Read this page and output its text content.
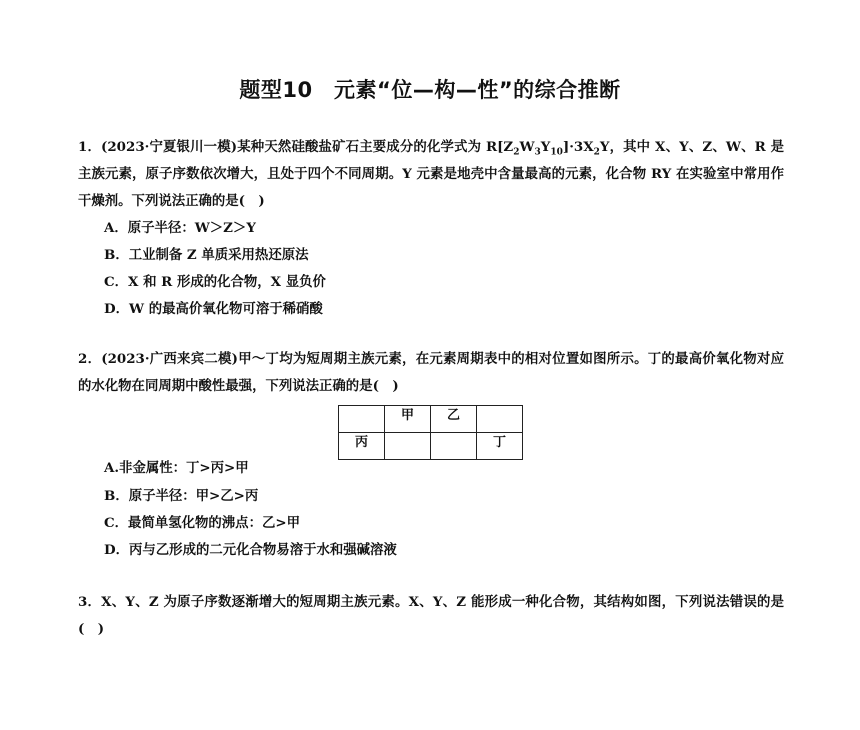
题型10　元素“位—构—性”的综合推断
1．(2023·宁夏银川一模)某种天然硅酸盐矿石主要成分的化学式为 $R[Z_2W_3Y_{10}]\cdot 3X_2Y$，其中 X、Y、Z、W、R 是主族元素，原子序数依次增大，且处于四个不同周期。Y 元素是地壳中含量最高的元素，化合物 RY 在实验室中常用作干燥剂。下列说法正确的是(　)
A．原子半径：W＞Z＞Y
B．工业制备 Z 单质采用热还原法
C．X 和 R 形成的化合物，X 显负价
D．W 的最高价氧化物可溶于稀硝酸
2．(2023·广西来宾二模)甲～丁均为短周期主族元素，在元素周期表中的相对位置如图所示。丁的最高价氧化物对应的水化物在同周期中酸性最强，下列说法正确的是(　)
	甲	乙	
丙			丁
A.非金属性：丁>丙>甲
B．原子半径：甲>乙>丙
C．最简单氢化物的沸点：乙>甲
D．丙与乙形成的二元化合物易溶于水和强碱溶液
3．X、Y、Z 为原子序数逐渐增大的短周期主族元素。X、Y、Z 能形成一种化合物，其结构如图，下列说法错误的是(　)
